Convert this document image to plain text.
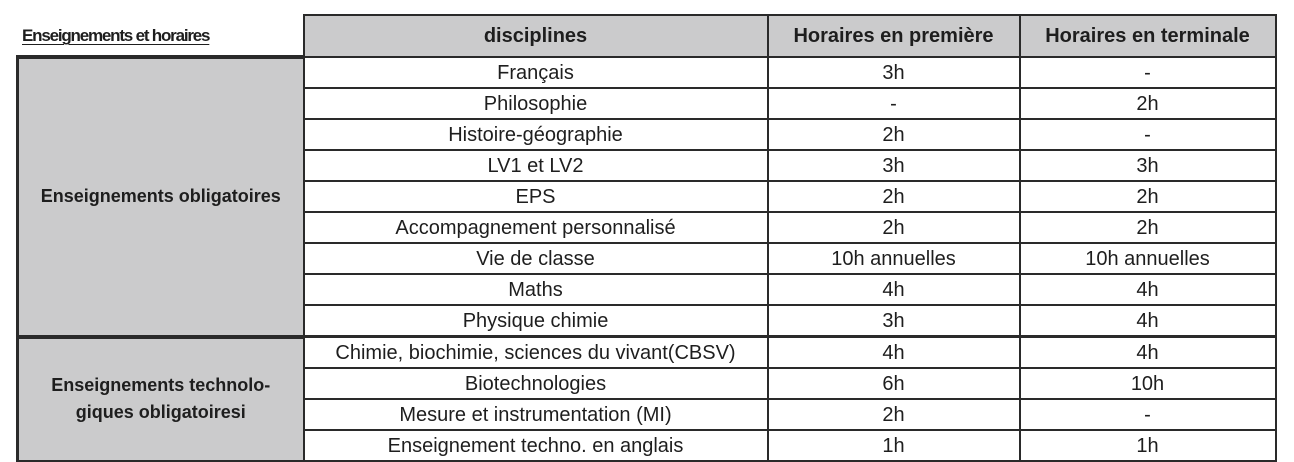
Enseignements et horaires
		disciplines	Horaires en première	Horaires en terminale
Enseignements obligatoires	Français	3h	-
	Philosophie	-	2h
	Histoire-géographie	2h	-
	LV1 et LV2	3h	3h
	EPS	2h	2h
	Accompagnement personnalisé	2h	2h
	Vie de classe	10h annuelles	10h annuelles
	Maths	4h	4h
	Physique chimie	3h	4h
Enseignements technolo-giques obligatoiresi	Chimie, biochimie, sciences du vivant(CBSV)	4h	4h
	Biotechnologies	6h	10h
	Mesure et instrumentation (MI)	2h	-
	Enseignement techno. en anglais	1h	1h
